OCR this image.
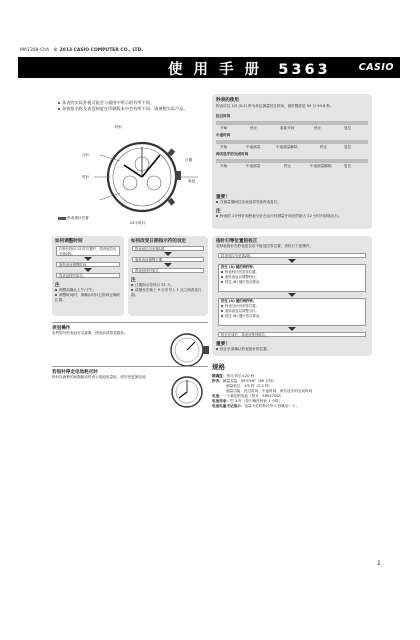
MA1308-ChA © 2013 CASIO COMPUTER CO., LTD.
使 用 手 册 5363	CASIO
本表的实际外观可能会与插图中所示的有所不同。
各按钮名称及表盘刻度在印刷版本中会有所不同，请参照实际产品。
秒针
分针
时针
24小时针
日期
表冠
秒表指针位置
秒表的使用
秒表可以 1/5 (0.2) 秒为单位测量经过时间，测时限度是 59 分 59.8 秒。
经过时间
开始	停止	重新开始	停止	复位
中途时间
开始	中途测量	中途测量解除	停止	复位
两名选手的完成时间
开始	中途测量	停止	中途测量解除	复位
重要！
在测量期间拉出表冠将导致秒表复位。
注
秒表的 1分钟针和秒表分针在运行时测量开始后的最大 12 小时内持续运行。
如何调整时间
在秒针指向 12 时位置时，将表冠拉出至第2段。
旋转表冠调整时间。
将表冠按回原位。
注
调整前确认上午/下午。
调整时间时，请确认时针已指向正确的位置。
如何改变日期指示符的设定
将表冠拉出至第1段。
旋转表冠调整日期。
将表冠按回原位。
注
日期指示符每月 31 天。
请避免在晚上 9 点至早上 1 点之间改变日期。
指针归零位置的校正
若秒表指针在秒表复位后不能返回零位置，请执行下述操作。
将表冠拉出至第2段。
按住 (A) 键约两秒钟。
秒表秒针回到零位置。
旋转表冠以调整秒针。
按住 (B) 键可依次移动。
按住 (A) 键约两秒钟。
秒表分针回到零位置。
旋转表冠以调整分针。
按住 (B) 键可依次移动。
校正完成后，将表冠按回原位。
重要！
校正后请确认秒表指针的位置。
表冠操作
有些型号的表冠可以旋紧，使用前请将其旋松。
若指针停走电池耗尽时
秒针以两秒的间隔跳动时表示电池电量低，请尽快更换电池。
规格
精确度：每月平均 ±20 秒
秒表：测量容量：59'59.8"（60 分钟）
测量单位：1/5 秒（0.2 秒）
测量功能：经过时间、中途时间、两名选手的完成时间
电池：一个氧化银电池（型号：SR927SW）
电池寿命：约 3 年（每天操作秒表 1 小时）
电池电量不足指示：电量不足时秒针每 2 秒跳动一下。
1
